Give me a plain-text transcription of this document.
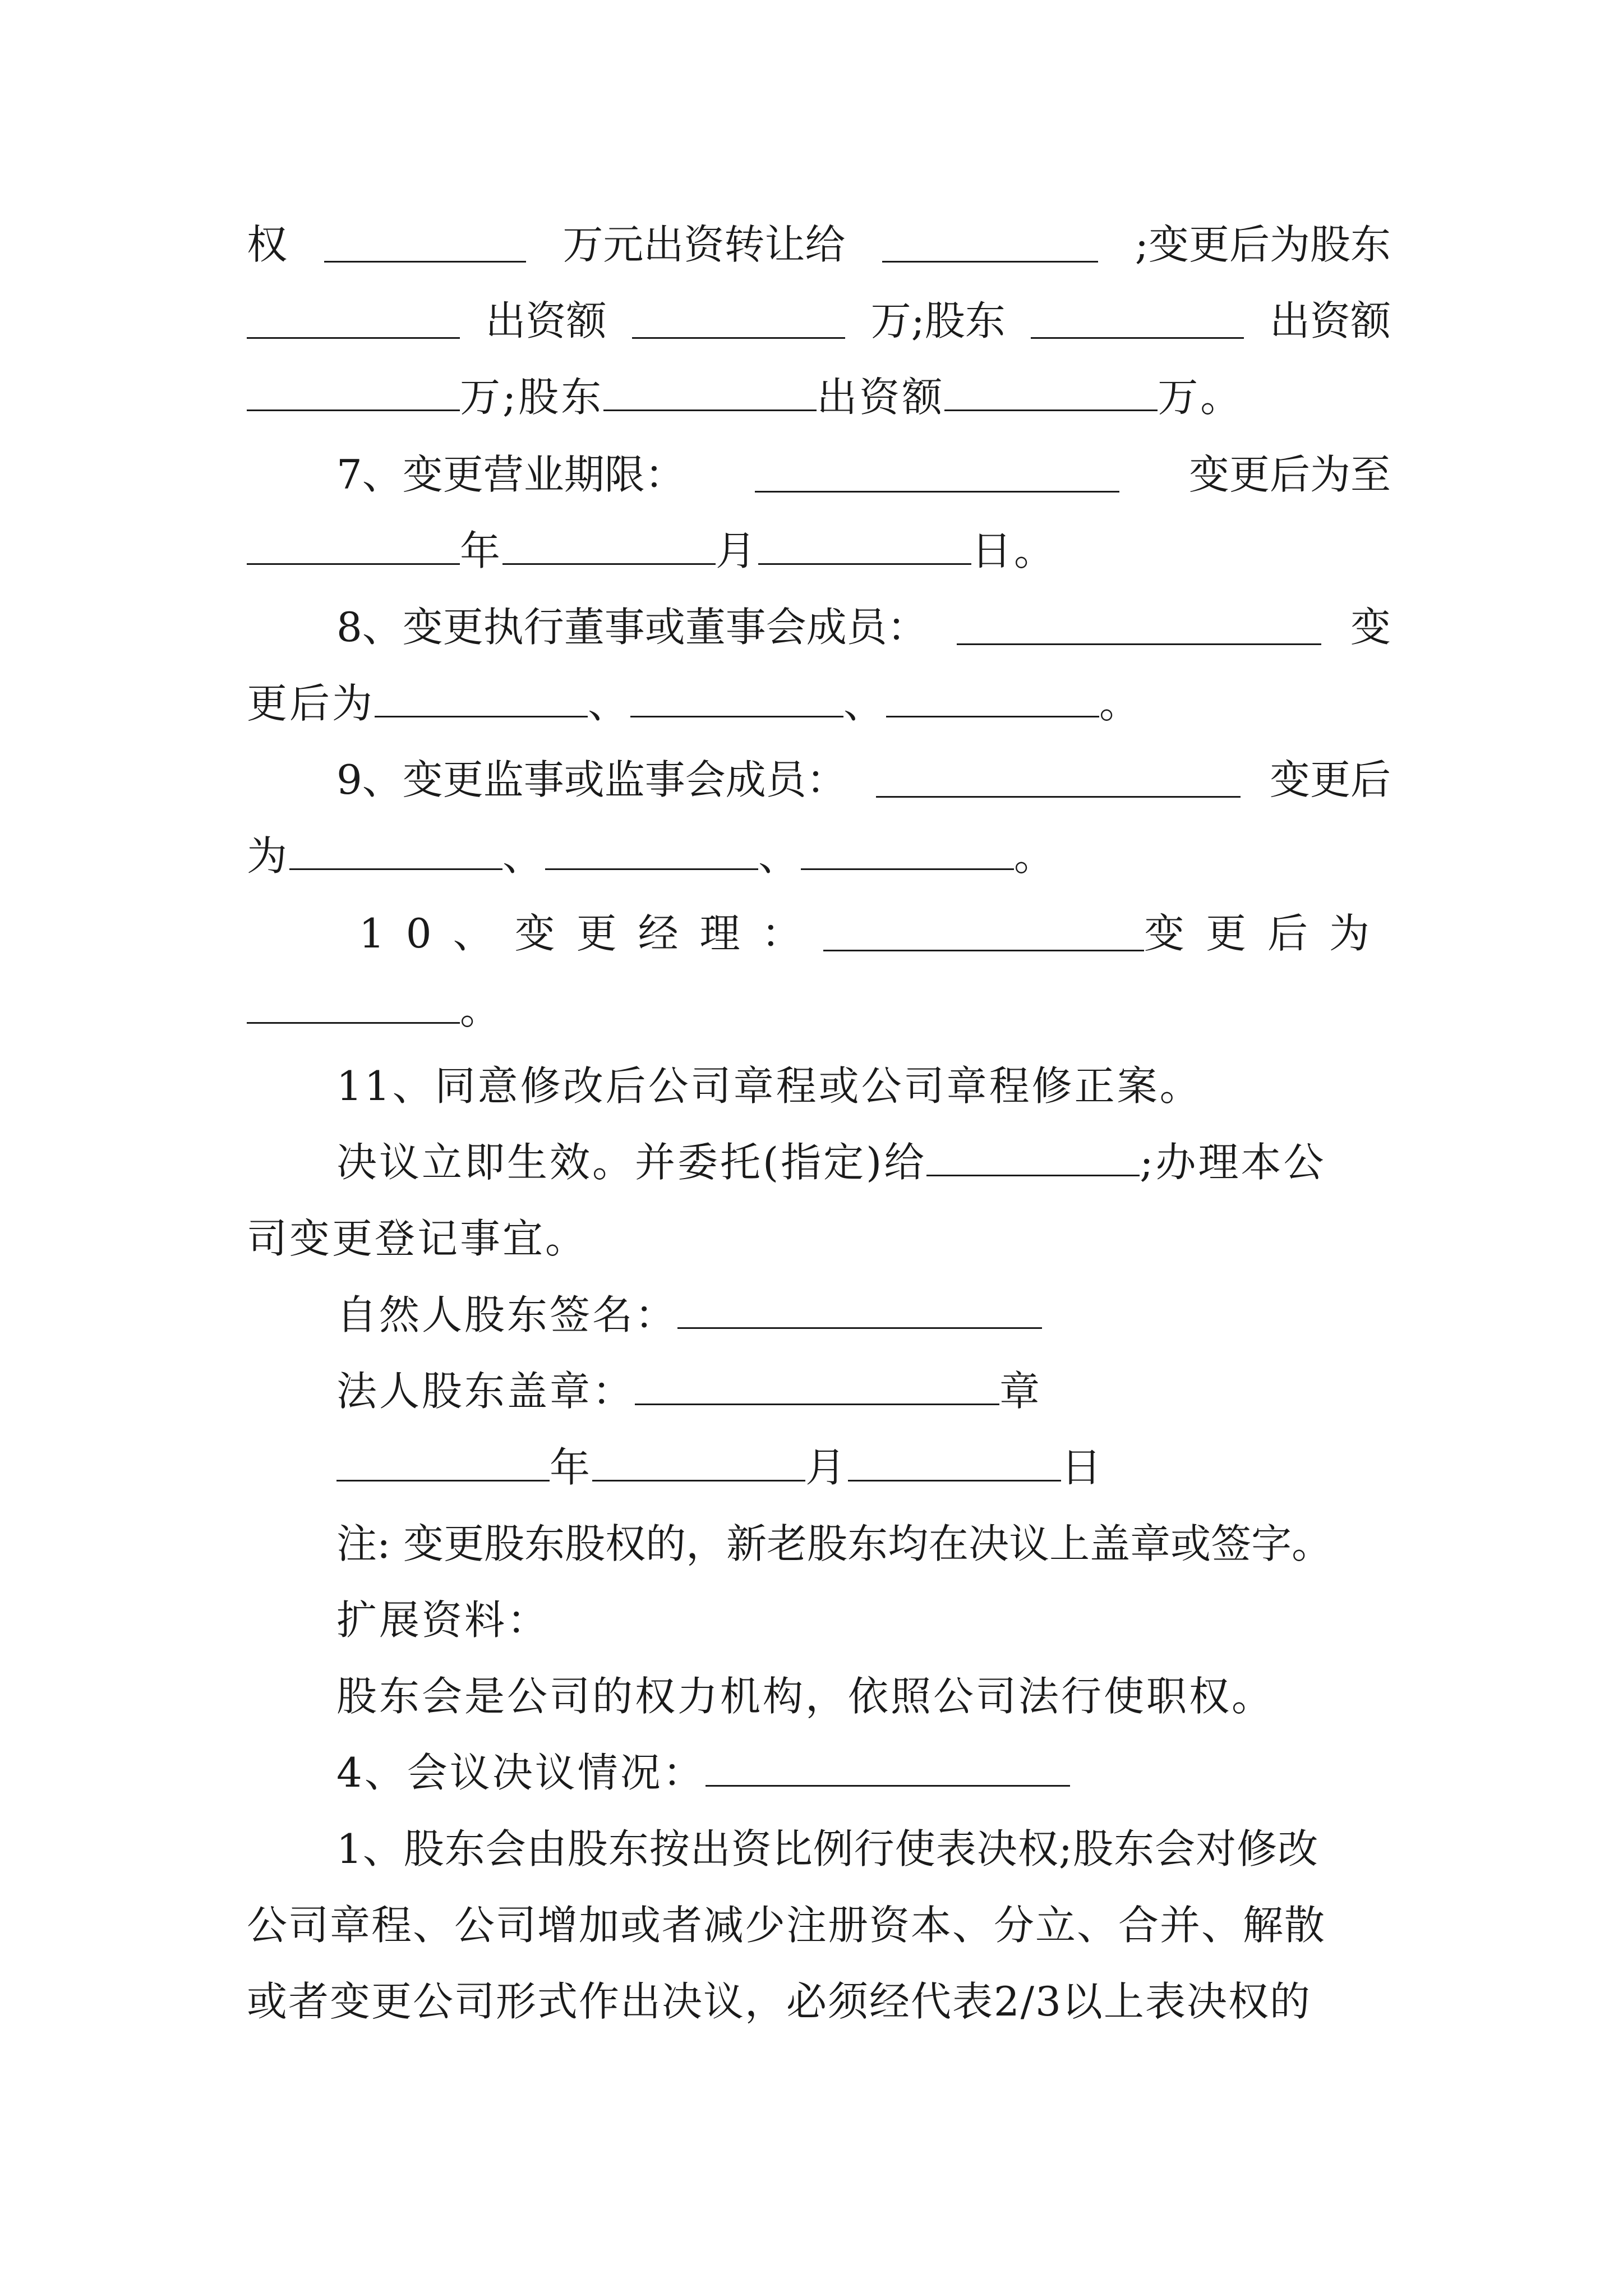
权	万元出资转让给	;变更后为股东
出资额	万;股东	出资额
万;股东	出资额	万。
7、变更营业期限：	变更后为至
年	月	日。
8、变更执行董事或董事会成员：	变
更后为	、	、	。
9、变更监事或监事会成员：	变更后
为	、	、	。
10、变更经理：	变更后为
。
11、同意修改后公司章程或公司章程修正案。
决议立即生效。并委托(指定)给	;办理本公
司变更登记事宜。
自然人股东签名：
法人股东盖章：	章
年	月	日
注: 变更股东股权的，新老股东均在决议上盖章或签字。
扩展资料：
股东会是公司的权力机构，依照公司法行使职权。
4、会议决议情况：
1、股东会由股东按出资比例行使表决权;股东会对修改
公司章程、公司增加或者减少注册资本、分立、合并、解散
或者变更公司形式作出决议，必须经代表2/3以上表决权的
